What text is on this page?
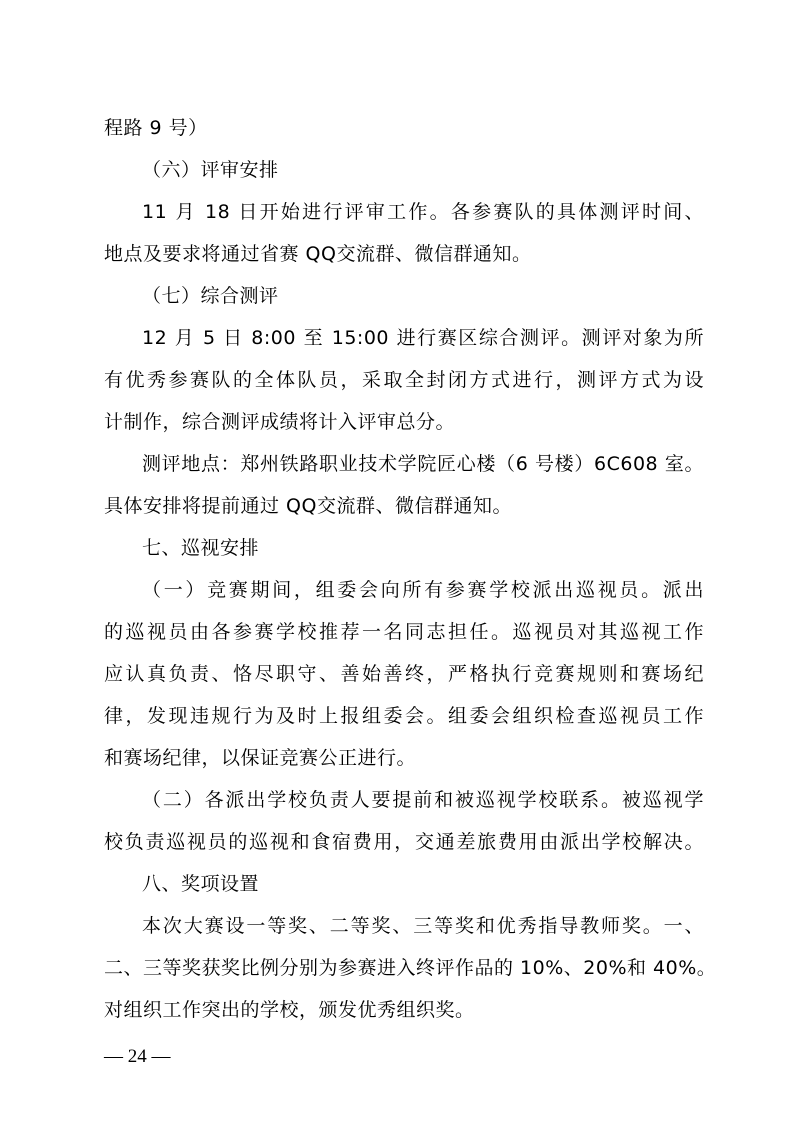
程路 9 号）
（六）评审安排
11 月 18 日开始进行评审工作。各参赛队的具体测评时间、
地点及要求将通过省赛 QQ交流群、微信群通知。
（七）综合测评
12 月 5 日 8:00 至 15:00 进行赛区综合测评。测评对象为所
有优秀参赛队的全体队员，采取全封闭方式进行，测评方式为设
计制作，综合测评成绩将计入评审总分。
测评地点：郑州铁路职业技术学院匠心楼（6 号楼）6C608 室。
具体安排将提前通过 QQ交流群、微信群通知。
七、巡视安排
（一）竞赛期间，组委会向所有参赛学校派出巡视员。派出
的巡视员由各参赛学校推荐一名同志担任。巡视员对其巡视工作
应认真负责、恪尽职守、善始善终，严格执行竞赛规则和赛场纪
律，发现违规行为及时上报组委会。组委会组织检查巡视员工作
和赛场纪律，以保证竞赛公正进行。
（二）各派出学校负责人要提前和被巡视学校联系。被巡视学
校负责巡视员的巡视和食宿费用，交通差旅费用由派出学校解决。
八、奖项设置
本次大赛设一等奖、二等奖、三等奖和优秀指导教师奖。一、
二、三等奖获奖比例分别为参赛进入终评作品的 10%、20%和 40%。
对组织工作突出的学校，颁发优秀组织奖。
— 24 —
